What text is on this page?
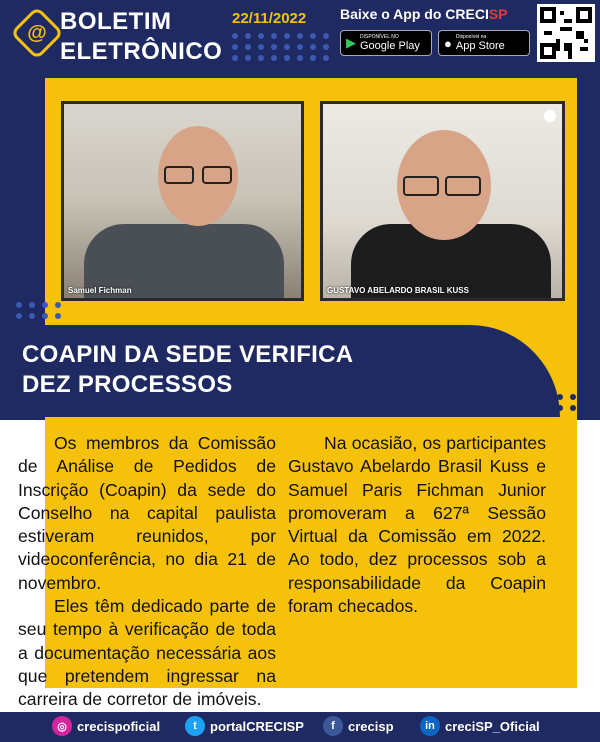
@ BOLETIM
ELETRÔNICO
22/11/2022 Baixe o App do CRECISP
▶ DISPONÍVEL NO
Google Play ● Disponível na
App Store
Samuel Fichman	GUSTAVO ABELARDO BRASIL KUSS
COAPIN DA SEDE VERIFICA
DEZ PROCESSOS

Os membros da Comissão de Análise de Pedidos de Inscrição (Coapin) da sede do Conselho na capital paulista estiveram reunidos, por videoconferência, no dia 21 de novembro.

Eles têm dedicado parte de seu tempo à verificação de toda a documentação necessária aos que pretendem ingressar na carreira de corretor de imóveis.

Na ocasião, os participantes Gustavo Abelardo Brasil Kuss e Samuel Paris Fichman Junior promoveram a 627ª Sessão Virtual da Comissão em 2022. Ao todo, dez processos sob a responsabilidade da Coapin foram checados.

◎ crecispoficial	t	portalCRECISP	f	crecisp	in creciSP_Oficial
